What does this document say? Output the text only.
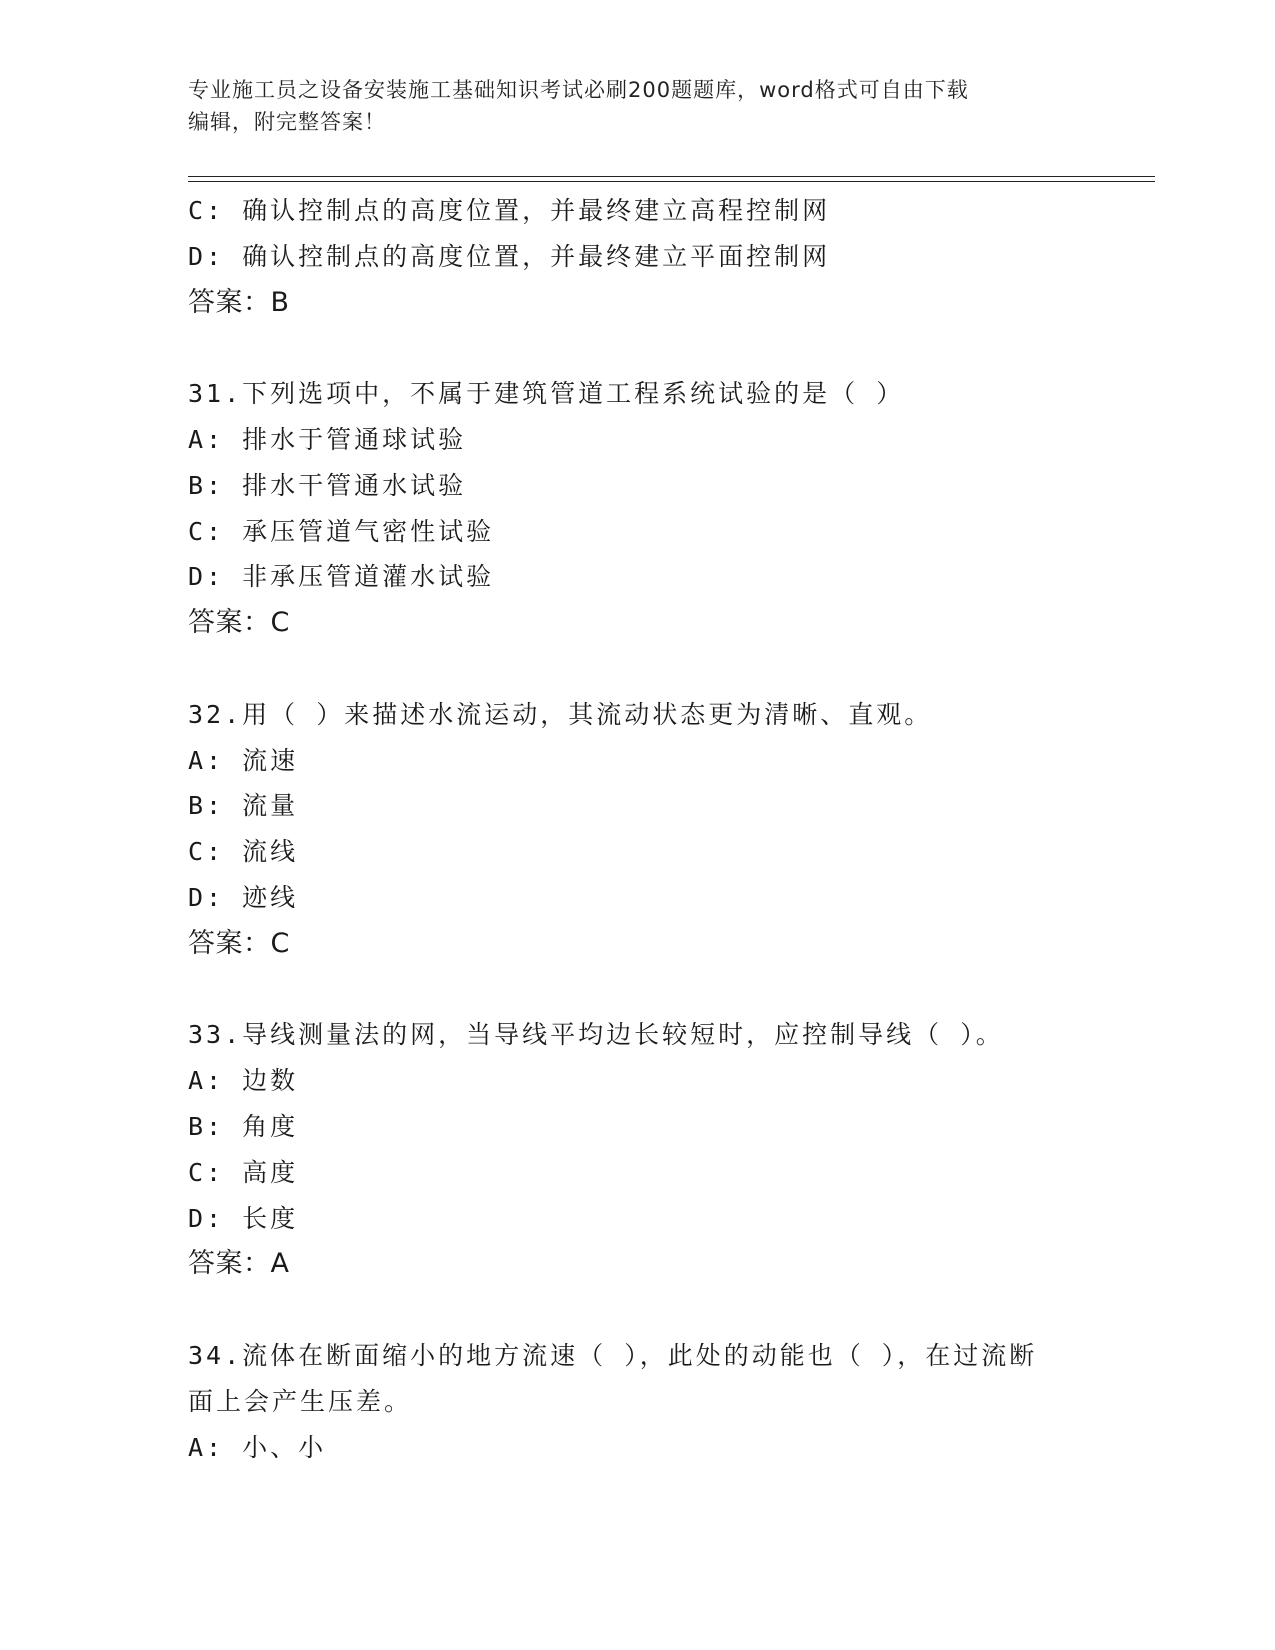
专业施工员之设备安装施工基础知识考试必刷200题题库，word格式可自由下载
编辑，附完整答案！
C: 确认控制点的高度位置，并最终建立高程控制网
D: 确认控制点的高度位置，并最终建立平面控制网
答案：B
31.下列选项中，不属于建筑管道工程系统试验的是（ ）
A: 排水于管通球试验
B: 排水干管通水试验
C: 承压管道气密性试验
D: 非承压管道灌水试验
答案：C
32.用（ ）来描述水流运动，其流动状态更为清晰、直观。
A: 流速
B: 流量
C: 流线
D: 迹线
答案：C
33.导线测量法的网，当导线平均边长较短时，应控制导线（ ）。
A: 边数
B: 角度
C: 高度
D: 长度
答案：A
34.流体在断面缩小的地方流速（ ），此处的动能也（ ），在过流断
面上会产生压差。
A: 小、小
